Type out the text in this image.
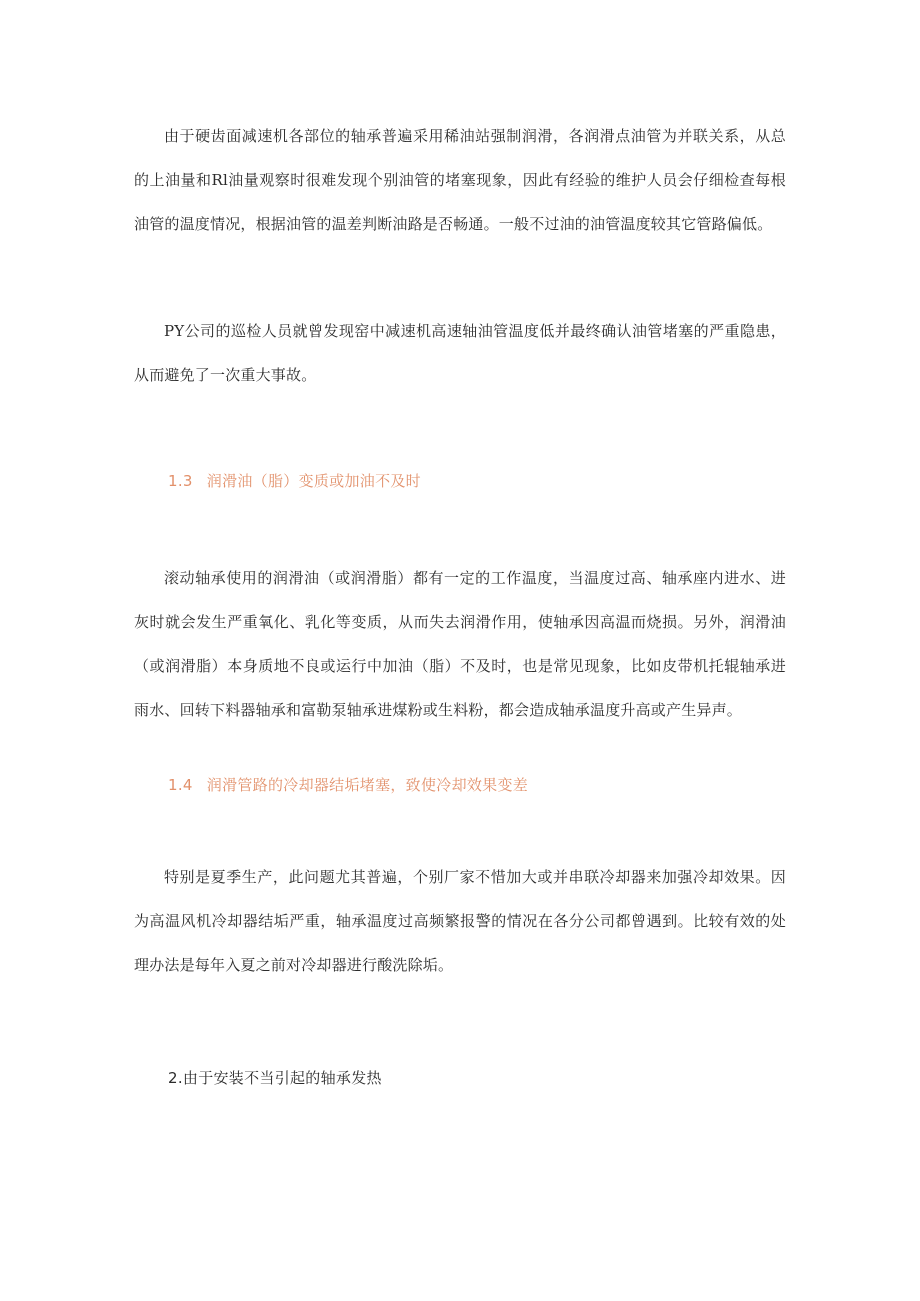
由于硬齿面减速机各部位的轴承普遍采用稀油站强制润滑，各润滑点油管为并联关系，从总的上油量和Rl油量观察时很难发现个别油管的堵塞现象，因此有经验的维护人员会仔细检查每根油管的温度情况，根据油管的温差判断油路是否畅通。一般不过油的油管温度较其它管路偏低。

PY公司的巡检人员就曾发现窑中减速机高速轴油管温度低并最终确认油管堵塞的严重隐患，从而避免了一次重大事故。

1.3 润滑油（脂）变质或加油不及时

滚动轴承使用的润滑油（或润滑脂）都有一定的工作温度，当温度过高、轴承座内进水、进灰时就会发生严重氧化、乳化等变质，从而失去润滑作用，使轴承因高温而烧损。另外，润滑油（或润滑脂）本身质地不良或运行中加油（脂）不及时，也是常见现象，比如皮带机托辊轴承进雨水、回转下料器轴承和富勒泵轴承进煤粉或生料粉，都会造成轴承温度升高或产生异声。

1.4 润滑管路的冷却器结垢堵塞，致使冷却效果变差

特别是夏季生产，此问题尤其普遍，个别厂家不惜加大或并串联冷却器来加强冷却效果。因为高温风机冷却器结垢严重，轴承温度过高频繁报警的情况在各分公司都曾遇到。比较有效的处理办法是每年入夏之前对冷却器进行酸洗除垢。

2.由于安装不当引起的轴承发热
